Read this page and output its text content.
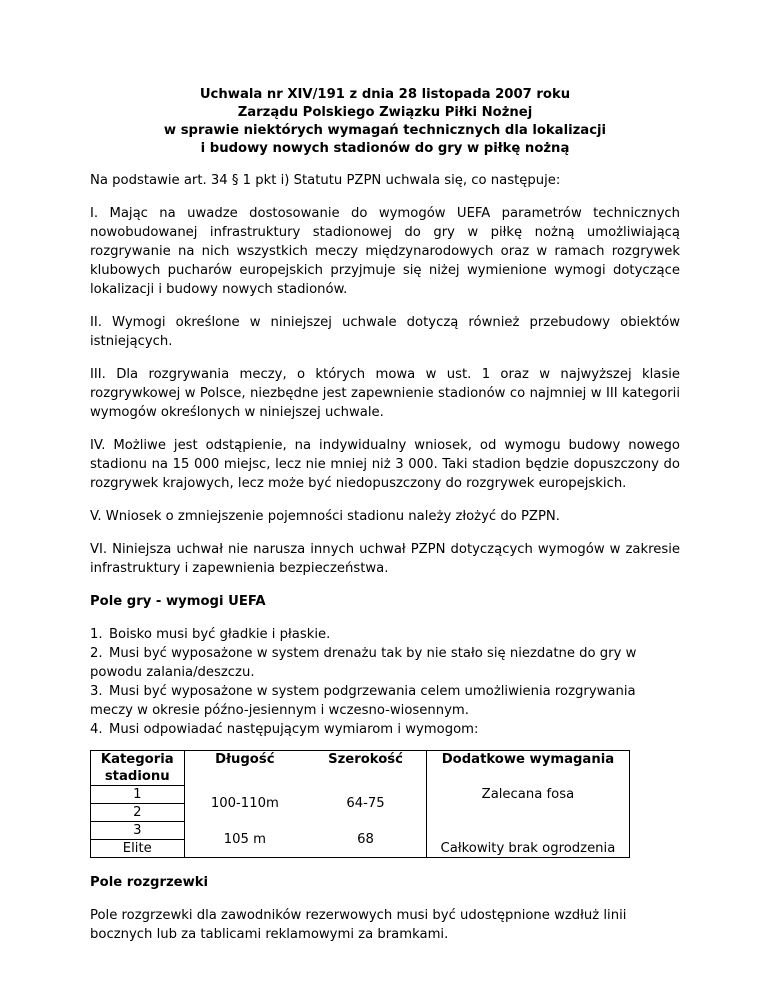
Uchwala nr XIV/191 z dnia 28 listopada 2007 roku
Zarządu Polskiego Związku Piłki Nożnej
w sprawie niektórych wymagań technicznych dla lokalizacji
i budowy nowych stadionów do gry w piłkę nożną

Na podstawie art. 34 § 1 pkt i) Statutu PZPN uchwala się, co następuje:

I. Mając na uwadze dostosowanie do wymogów UEFA parametrów technicznych nowobudowanej infrastruktury stadionowej do gry w piłkę nożną umożliwiającą rozgrywanie na nich wszystkich meczy międzynarodowych oraz w ramach rozgrywek klubowych pucharów europejskich przyjmuje się niżej wymienione wymogi dotyczące lokalizacji i budowy nowych stadionów.

II. Wymogi określone w niniejszej uchwale dotyczą również przebudowy obiektów istniejących.

III. Dla rozgrywania meczy, o których mowa w ust. 1 oraz w najwyższej klasie rozgrywkowej w Polsce, niezbędne jest zapewnienie stadionów co najmniej w III kategorii wymogów określonych w niniejszej uchwale.

IV. Możliwe jest odstąpienie, na indywidualny wniosek, od wymogu budowy nowego stadionu na 15 000 miejsc, lecz nie mniej niż 3 000. Taki stadion będzie dopuszczony do rozgrywek krajowych, lecz może być niedopuszczony do rozgrywek europejskich.

V. Wniosek o zmniejszenie pojemności stadionu należy złożyć do PZPN.

VI. Niniejsza uchwał nie narusza innych uchwał PZPN dotyczących wymogów w zakresie infrastruktury i zapewnienia bezpieczeństwa.

Pole gry - wymogi UEFA
1. Boisko musi być gładkie i płaskie.
2. Musi być wyposażone w system drenażu tak by nie stało się niezdatne do gry w powodu zalania/deszczu.
3. Musi być wyposażone w system podgrzewania celem umożliwienia rozgrywania meczy w okresie późno-jesiennym i wczesno-wiosennym.
4. Musi odpowiadać następującym wymiarom i wymogom:
Kategoria stadionu	Długość	Szerokość	Dodatkowe wymagania
1	100-110m	64-75	Zalecana fosa
2			
3	105 m	68	
Elite			Całkowity brak ogrodzenia
Pole rozgrzewki

Pole rozgrzewki dla zawodników rezerwowych musi być udostępnione wzdłuż linii bocznych lub za tablicami reklamowymi za bramkami.
